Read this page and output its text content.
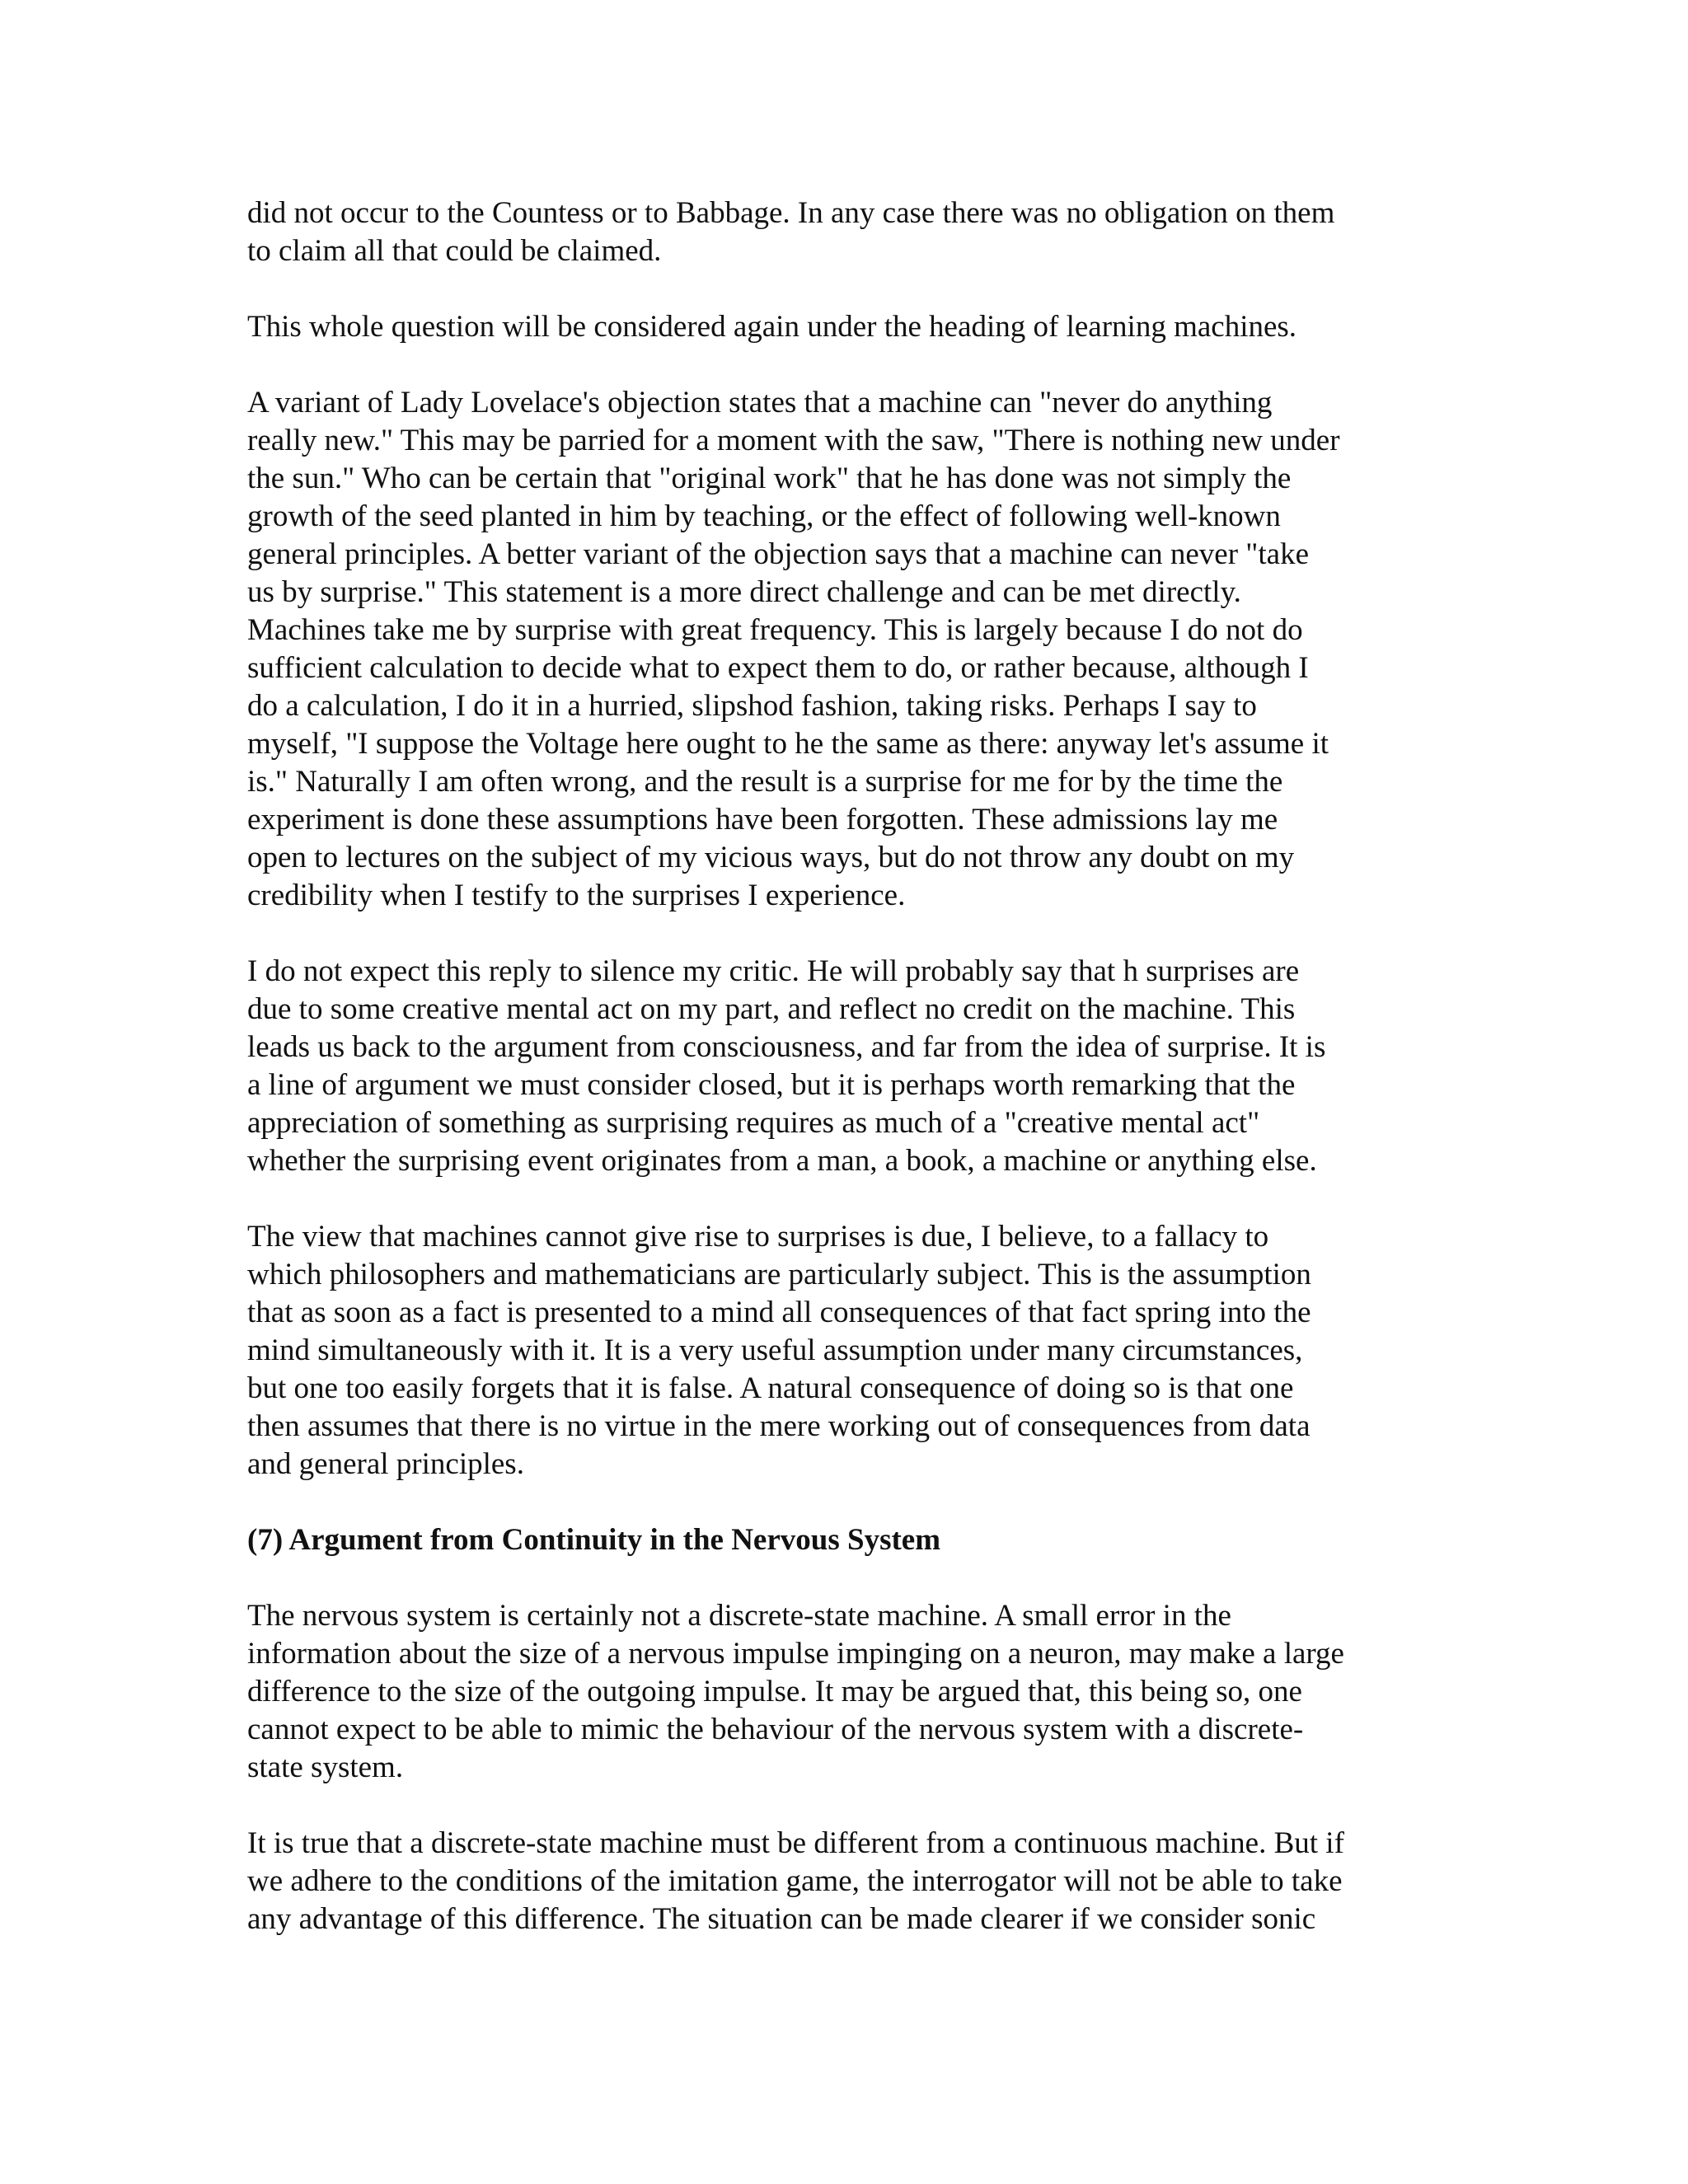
did not occur to the Countess or to Babbage. In any case there was no obligation on them
to claim all that could be claimed.

This whole question will be considered again under the heading of learning machines.

A variant of Lady Lovelace's objection states that a machine can "never do anything
really new." This may be parried for a moment with the saw, "There is nothing new under
the sun." Who can be certain that "original work" that he has done was not simply the
growth of the seed planted in him by teaching, or the effect of following well-known
general principles. A better variant of the objection says that a machine can never "take
us by surprise." This statement is a more direct challenge and can be met directly.
Machines take me by surprise with great frequency. This is largely because I do not do
sufficient calculation to decide what to expect them to do, or rather because, although I
do a calculation, I do it in a hurried, slipshod fashion, taking risks. Perhaps I say to
myself, "I suppose the Voltage here ought to he the same as there: anyway let's assume it
is." Naturally I am often wrong, and the result is a surprise for me for by the time the
experiment is done these assumptions have been forgotten. These admissions lay me
open to lectures on the subject of my vicious ways, but do not throw any doubt on my
credibility when I testify to the surprises I experience.

I do not expect this reply to silence my critic. He will probably say that h surprises are
due to some creative mental act on my part, and reflect no credit on the machine. This
leads us back to the argument from consciousness, and far from the idea of surprise. It is
a line of argument we must consider closed, but it is perhaps worth remarking that the
appreciation of something as surprising requires as much of a "creative mental act"
whether the surprising event originates from a man, a book, a machine or anything else.

The view that machines cannot give rise to surprises is due, I believe, to a fallacy to
which philosophers and mathematicians are particularly subject. This is the assumption
that as soon as a fact is presented to a mind all consequences of that fact spring into the
mind simultaneously with it. It is a very useful assumption under many circumstances,
but one too easily forgets that it is false. A natural consequence of doing so is that one
then assumes that there is no virtue in the mere working out of consequences from data
and general principles.

(7) Argument from Continuity in the Nervous System

The nervous system is certainly not a discrete-state machine. A small error in the
information about the size of a nervous impulse impinging on a neuron, may make a large
difference to the size of the outgoing impulse. It may be argued that, this being so, one
cannot expect to be able to mimic the behaviour of the nervous system with a discrete-
state system.

It is true that a discrete-state machine must be different from a continuous machine. But if
we adhere to the conditions of the imitation game, the interrogator will not be able to take
any advantage of this difference. The situation can be made clearer if we consider sonic
